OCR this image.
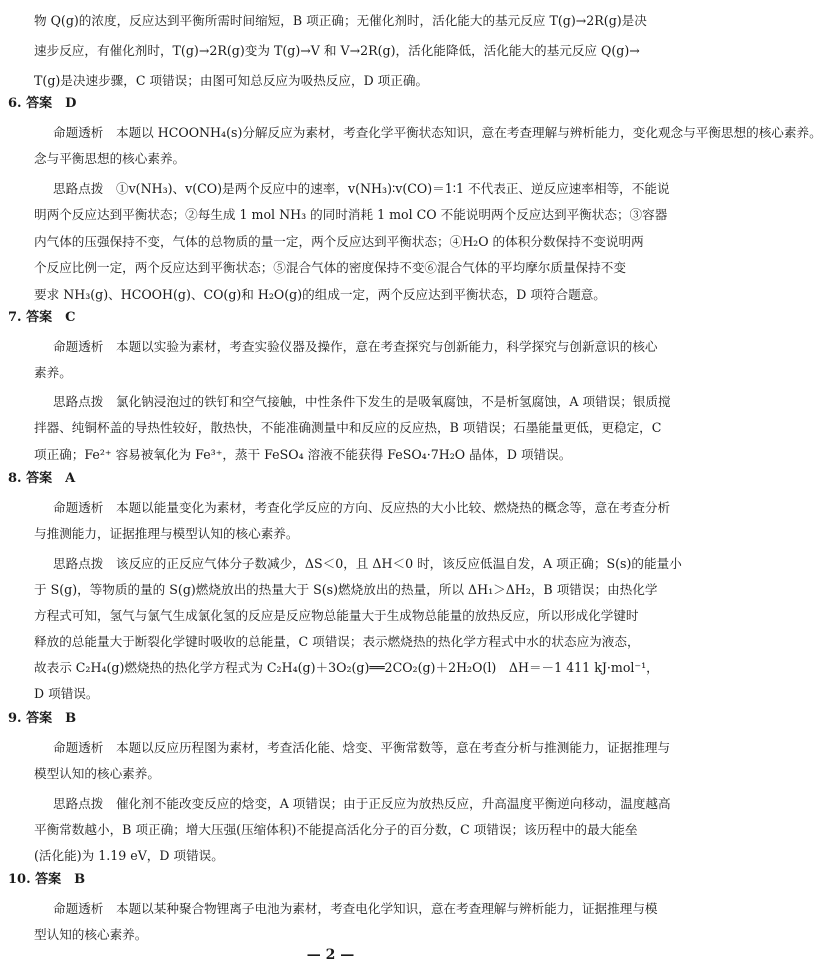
物 Q(g)的浓度，反应达到平衡所需时间缩短，B 项正确；无催化剂时，活化能大的基元反应 T(g)→2R(g)是决
速步反应，有催化剂时，T(g)→2R(g)变为 T(g)→V 和 V→2R(g)，活化能降低，活化能大的基元反应 Q(g)→
T(g)是决速步骤，C 项错误；由图可知总反应为吸热反应，D 项正确。
6. 答案　D
命题透析　本题以 HCOONH₄(s)分解反应为素材，考查化学平衡状态知识，意在考查理解与辨析能力，变化观念与平衡思想的核心素养。
念与平衡思想的核心素养。
思路点拨　①v(NH₃)、v(CO)是两个反应中的速率，v(NH₃)∶v(CO)＝1∶1 不代表正、逆反应速率相等，不能说
明两个反应达到平衡状态；②每生成 1 mol NH₃ 的同时消耗 1 mol CO 不能说明两个反应达到平衡状态；③容器
内气体的压强保持不变，气体的总物质的量一定，两个反应达到平衡状态；④H₂O 的体积分数保持不变说明两
个反应比例一定，两个反应达到平衡状态；⑤混合气体的密度保持不变⑥混合气体的平均摩尔质量保持不变
要求 NH₃(g)、HCOOH(g)、CO(g)和 H₂O(g)的组成一定，两个反应达到平衡状态，D 项符合题意。
7. 答案　C
命题透析　本题以实验为素材，考查实验仪器及操作，意在考查探究与创新能力，科学探究与创新意识的核心
素养。
思路点拨　氯化钠浸泡过的铁钉和空气接触，中性条件下发生的是吸氧腐蚀，不是析氢腐蚀，A 项错误；银质搅
拌器、纯铜杯盖的导热性较好，散热快，不能准确测量中和反应的反应热，B 项错误；石墨能量更低，更稳定，C
项正确；Fe²⁺ 容易被氧化为 Fe³⁺，蒸干 FeSO₄ 溶液不能获得 FeSO₄·7H₂O 晶体，D 项错误。
8. 答案　A
命题透析　本题以能量变化为素材，考查化学反应的方向、反应热的大小比较、燃烧热的概念等，意在考查分析
与推测能力，证据推理与模型认知的核心素养。
思路点拨　该反应的正反应气体分子数减少，ΔS＜0，且 ΔH＜0 时，该反应低温自发，A 项正确；S(s)的能量小
于 S(g)，等物质的量的 S(g)燃烧放出的热量大于 S(s)燃烧放出的热量，所以 ΔH₁＞ΔH₂，B 项错误；由热化学
方程式可知，氢气与氯气生成氯化氢的反应是反应物总能量大于生成物总能量的放热反应，所以形成化学键时
释放的总能量大于断裂化学键时吸收的总能量，C 项错误；表示燃烧热的热化学方程式中水的状态应为液态，
故表示 C₂H₄(g)燃烧热的热化学方程式为 C₂H₄(g)＋3O₂(g)══2CO₂(g)＋2H₂O(l)　ΔH＝－1 411 kJ·mol⁻¹，
D 项错误。
9. 答案　B
命题透析　本题以反应历程图为素材，考查活化能、焓变、平衡常数等，意在考查分析与推测能力，证据推理与
模型认知的核心素养。
思路点拨　催化剂不能改变反应的焓变，A 项错误；由于正反应为放热反应，升高温度平衡逆向移动，温度越高
平衡常数越小，B 项正确；增大压强(压缩体积)不能提高活化分子的百分数，C 项错误；该历程中的最大能垒
(活化能)为 1.19 eV，D 项错误。
10. 答案　B
命题透析　本题以某种聚合物锂离子电池为素材，考查电化学知识，意在考查理解与辨析能力，证据推理与模
型认知的核心素养。
— 2 —
